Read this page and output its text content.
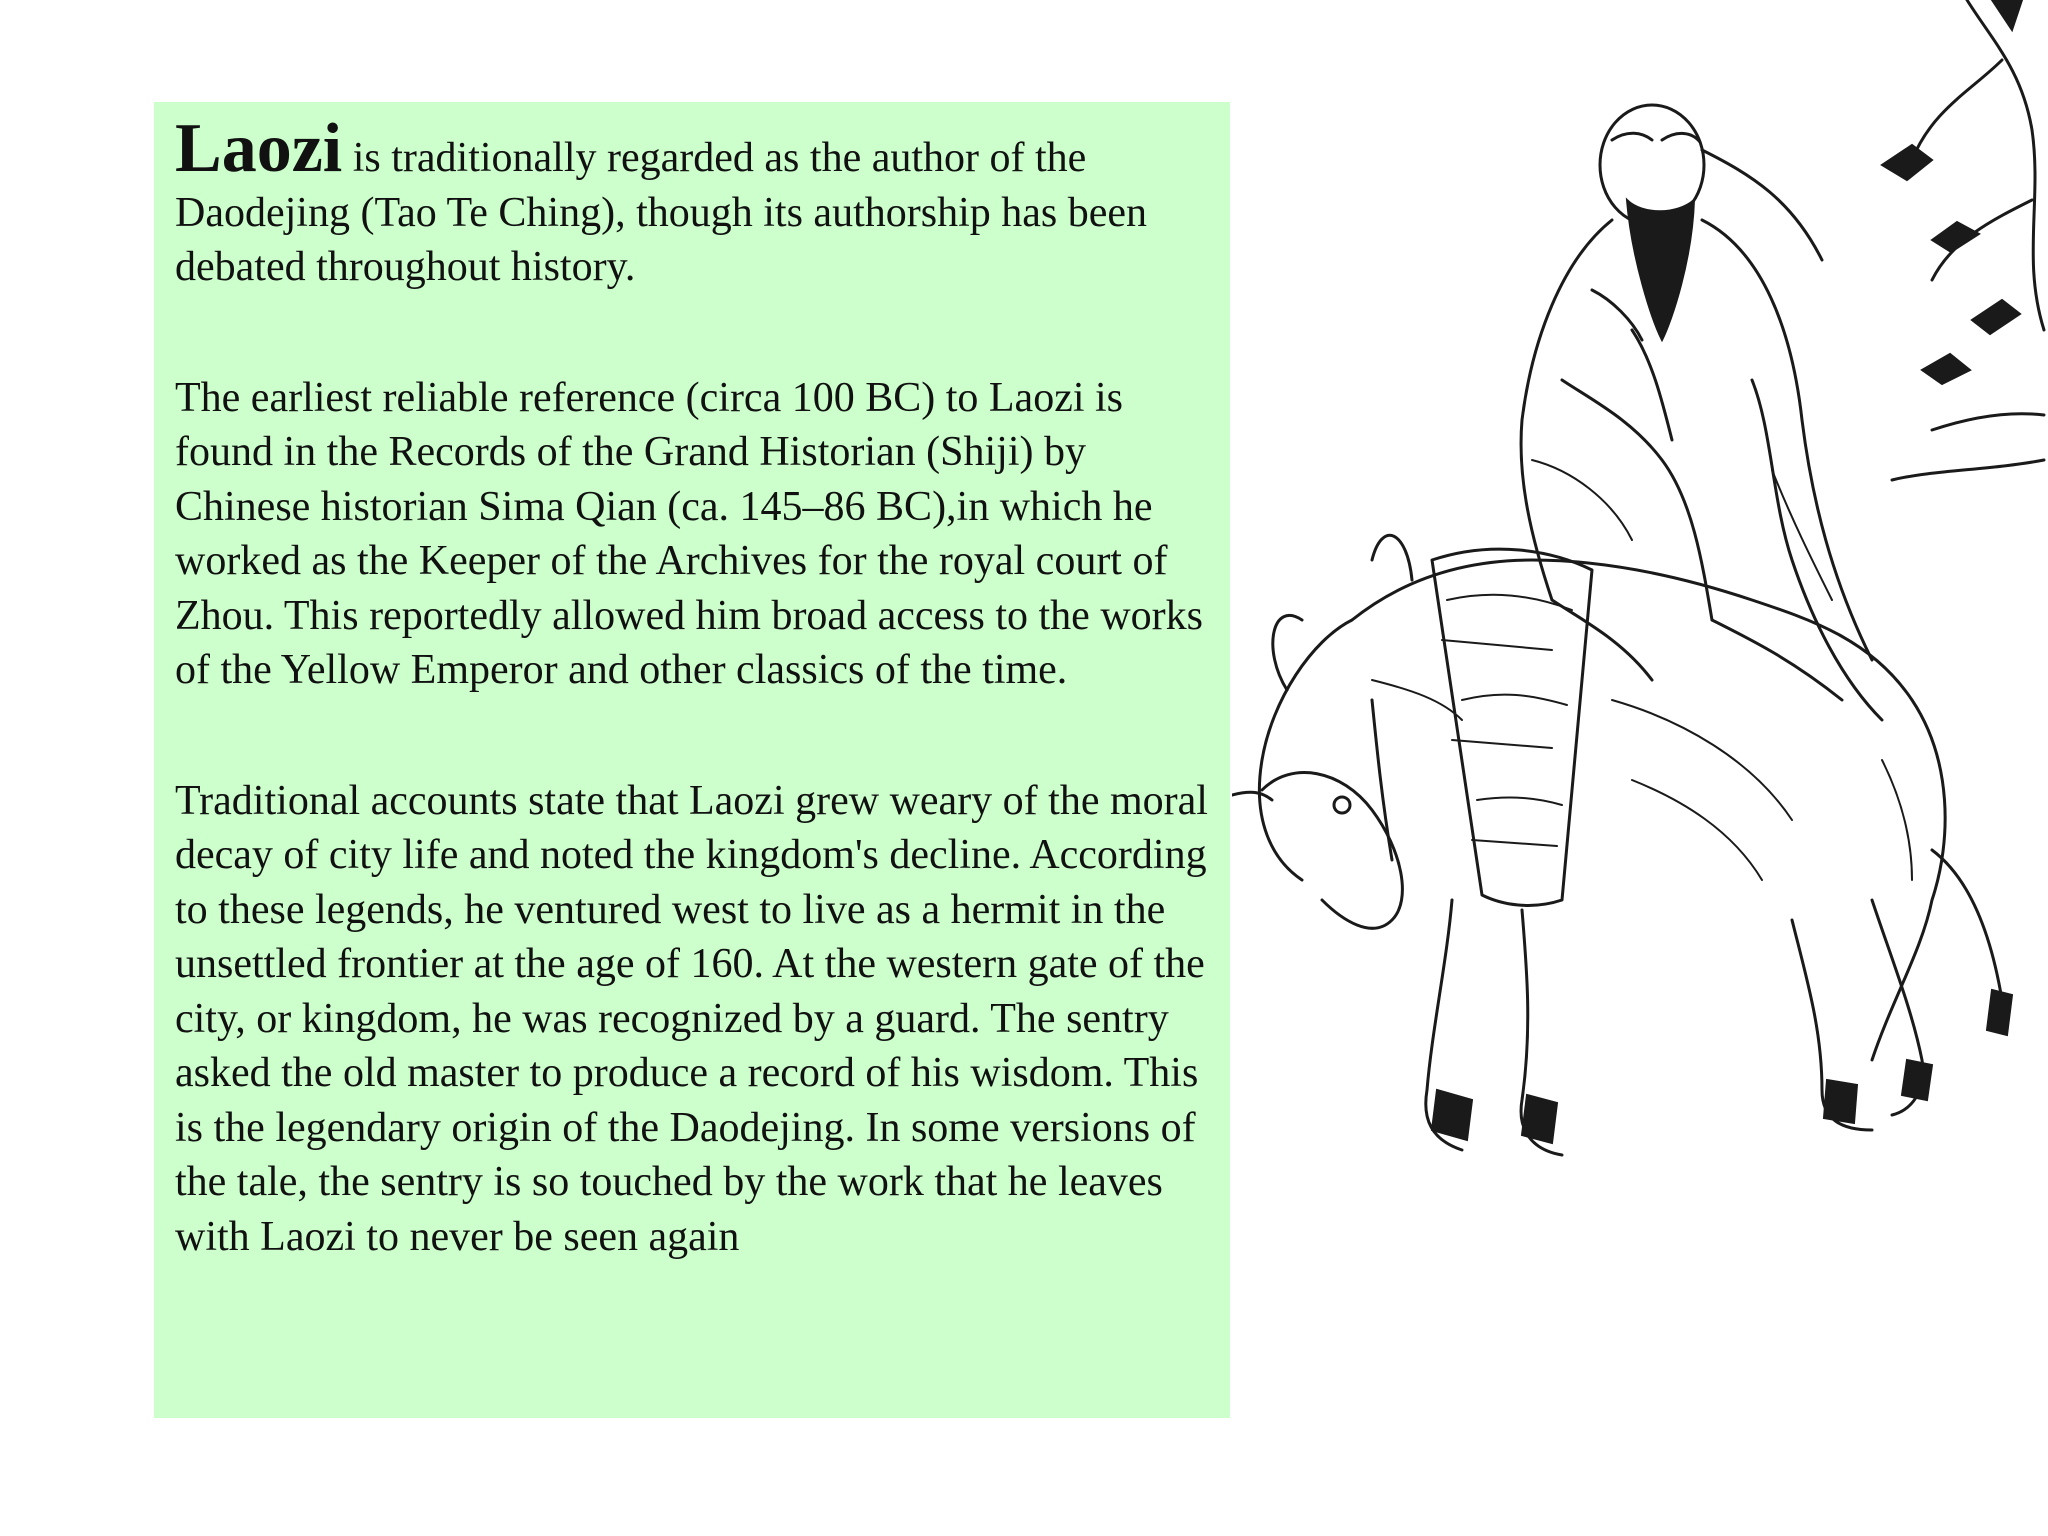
Laozi is traditionally regarded as the author of the Daodejing (Tao Te Ching), though its authorship has been debated throughout history.

The earliest reliable reference (circa 100 BC) to Laozi is found in the Records of the Grand Historian (Shiji) by Chinese historian Sima Qian (ca. 145–86 BC),in which he worked as the Keeper of the Archives for the royal court of Zhou. This reportedly allowed him broad access to the works of the Yellow Emperor and other classics of the time.

Traditional accounts state that Laozi grew weary of the moral decay of city life and noted the kingdom's decline. According to these legends, he ventured west to live as a hermit in the unsettled frontier at the age of 160. At the western gate of the city, or kingdom, he was recognized by a guard. The sentry asked the old master to produce a record of his wisdom. This is the legendary origin of the Daodejing. In some versions of the tale, the sentry is so touched by the work that he leaves with Laozi to never be seen again
